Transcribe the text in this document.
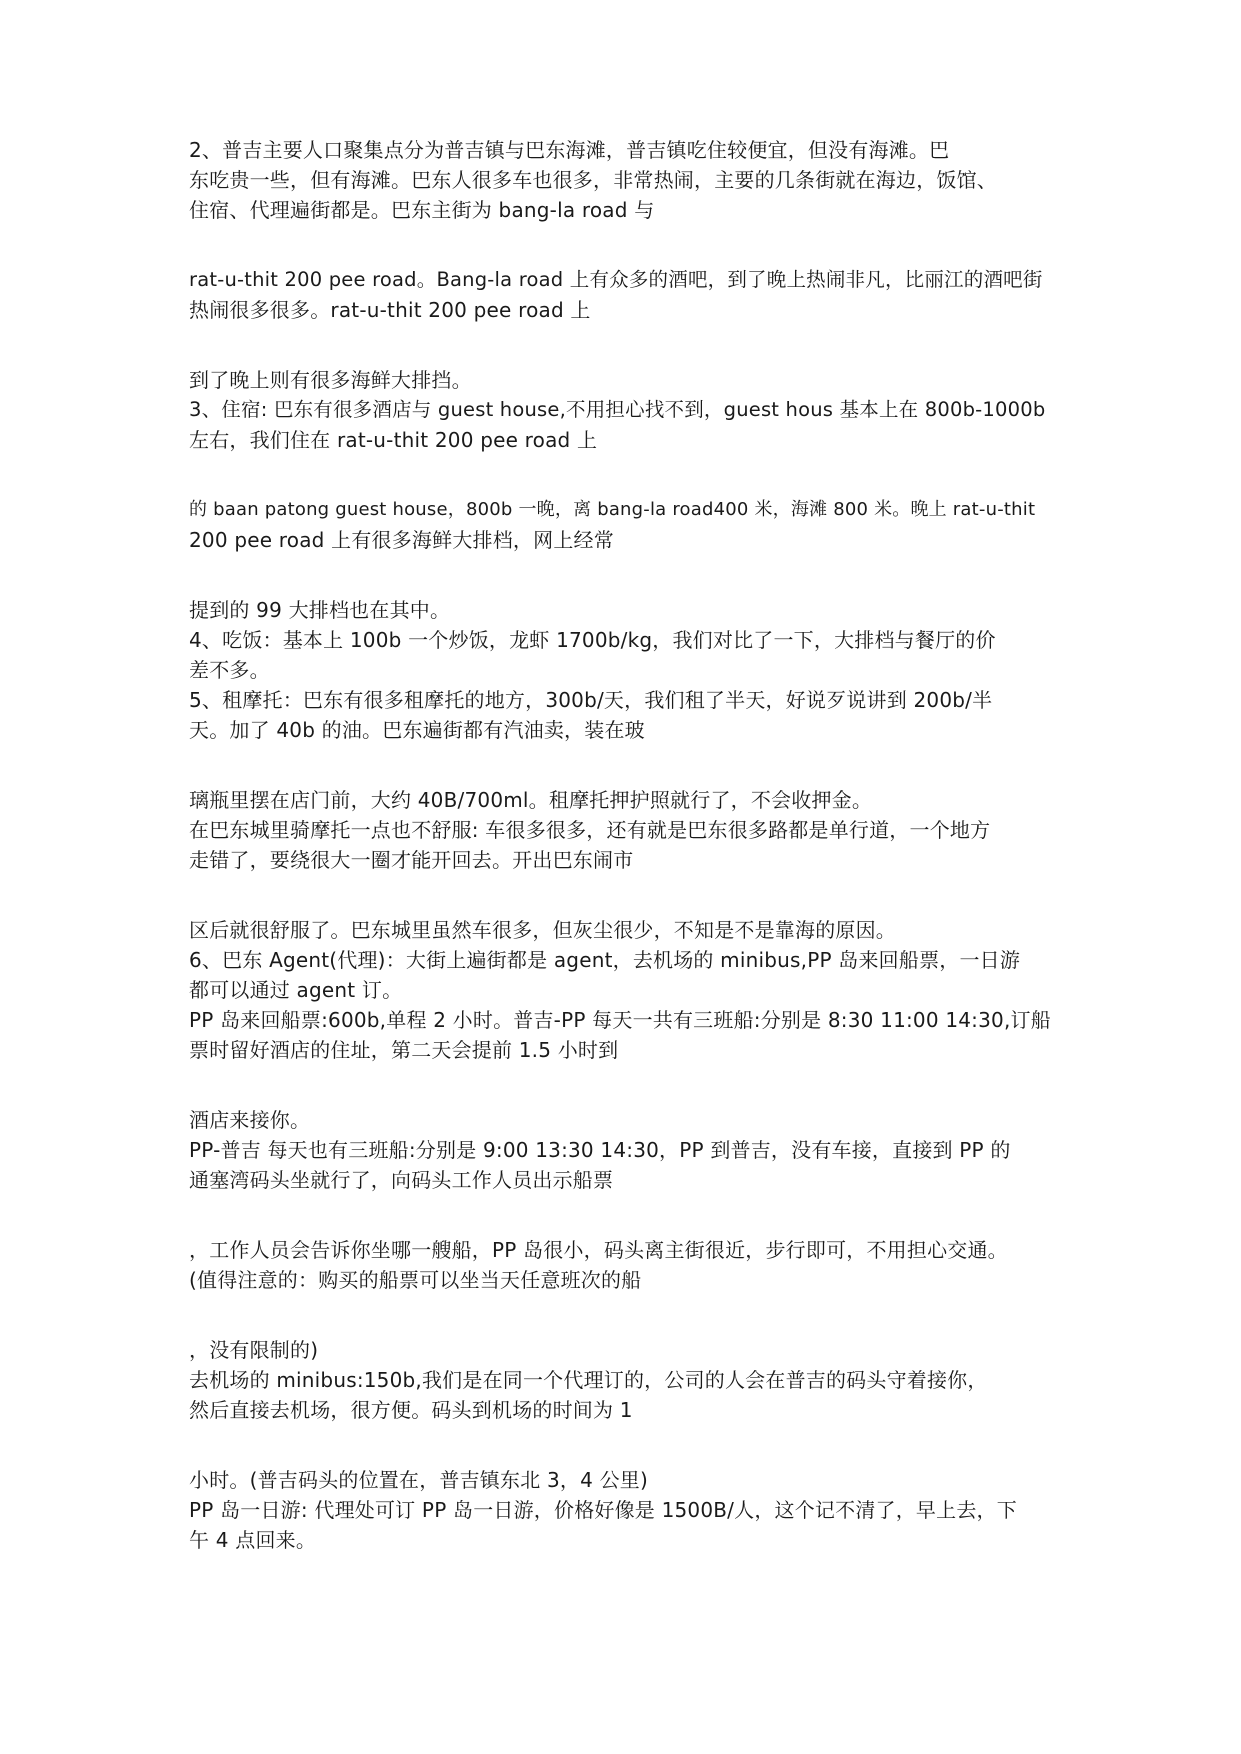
2、普吉主要人口聚集点分为普吉镇与巴东海滩，普吉镇吃住较便宜，但没有海滩。巴
东吃贵一些，但有海滩。巴东人很多车也很多，非常热闹，主要的几条街就在海边，饭馆、
住宿、代理遍街都是。巴东主街为 bang-la road 与
rat-u-thit 200 pee road。Bang-la road 上有众多的酒吧，到了晚上热闹非凡，比丽江的酒吧街
热闹很多很多。rat-u-thit 200 pee road 上
到了晚上则有很多海鲜大排挡。
3、住宿: 巴东有很多酒店与 guest house,不用担心找不到，guest hous 基本上在 800b-1000b
左右，我们住在 rat-u-thit 200 pee road 上
的 baan patong guest house，800b 一晚，离 bang-la road400 米，海滩 800 米。晚上 rat-u-thit
200 pee road 上有很多海鲜大排档，网上经常
提到的 99 大排档也在其中。
4、吃饭：基本上 100b 一个炒饭，龙虾 1700b/kg，我们对比了一下，大排档与餐厅的价
差不多。
5、租摩托：巴东有很多租摩托的地方，300b/天，我们租了半天，好说歹说讲到 200b/半
天。加了 40b 的油。巴东遍街都有汽油卖，装在玻
璃瓶里摆在店门前，大约 40B/700ml。租摩托押护照就行了，不会收押金。
在巴东城里骑摩托一点也不舒服: 车很多很多，还有就是巴东很多路都是单行道，一个地方
走错了，要绕很大一圈才能开回去。开出巴东闹市
区后就很舒服了。巴东城里虽然车很多，但灰尘很少，不知是不是靠海的原因。
6、巴东 Agent(代理)：大街上遍街都是 agent，去机场的 minibus,PP 岛来回船票，一日游
都可以通过 agent 订。
PP 岛来回船票:600b,单程 2 小时。普吉-PP 每天一共有三班船:分别是 8:30 11:00 14:30,订船
票时留好酒店的住址，第二天会提前 1.5 小时到
酒店来接你。
PP-普吉 每天也有三班船:分别是 9:00 13:30 14:30，PP 到普吉，没有车接，直接到 PP 的
通塞湾码头坐就行了，向码头工作人员出示船票
，工作人员会告诉你坐哪一艘船，PP 岛很小，码头离主街很近，步行即可，不用担心交通。
(值得注意的：购买的船票可以坐当天任意班次的船
，没有限制的)
去机场的 minibus:150b,我们是在同一个代理订的，公司的人会在普吉的码头守着接你，
然后直接去机场，很方便。码头到机场的时间为 1
小时。(普吉码头的位置在，普吉镇东北 3，4 公里)
PP 岛一日游: 代理处可订 PP 岛一日游，价格好像是 1500B/人，这个记不清了，早上去，下
午 4 点回来。
